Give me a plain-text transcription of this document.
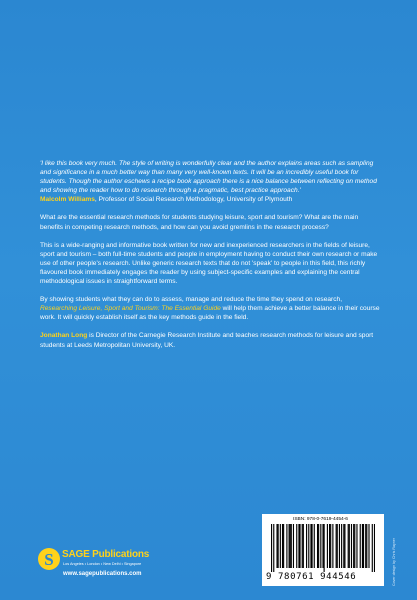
'I like this book very much. The style of writing is wonderfully clear and the author explains areas such as sampling and significance in a much better way than many very well-known texts. It will be an incredibly useful book for students. Though the author eschews a recipe book approach there is a nice balance between reflecting on method and showing the reader how to do research through a pragmatic, best practice approach.'

Malcolm Williams, Professor of Social Research Methodology, University of Plymouth

What are the essential research methods for students studying leisure, sport and tourism? What are the main benefits in competing research methods, and how can you avoid gremlins in the research process?

This is a wide-ranging and informative book written for new and inexperienced researchers in the fields of leisure, sport and tourism – both full-time students and people in employment having to conduct their own research or make use of other people's research. Unlike generic research texts that do not 'speak' to people in this field, this richly flavoured book immediately engages the reader by using subject-specific examples and explaining the central methodological issues in straightforward terms.

By showing students what they can do to assess, manage and reduce the time they spend on research, Researching Leisure, Sport and Tourism: The Essential Guide will help them achieve a better balance in their course work. It will quickly establish itself as the key methods guide in the field.

Jonathan Long is Director of the Carnegie Research Institute and teaches research methods for leisure and sport students at Leeds Metropolitan University, UK.

S SAGE Publications
Los Angeles • London • New Delhi • Singapore
www.sagepublications.com
ISBN: 978-0-7619-4454-6
9 780761 944546	Cover design by Chris Rayner
